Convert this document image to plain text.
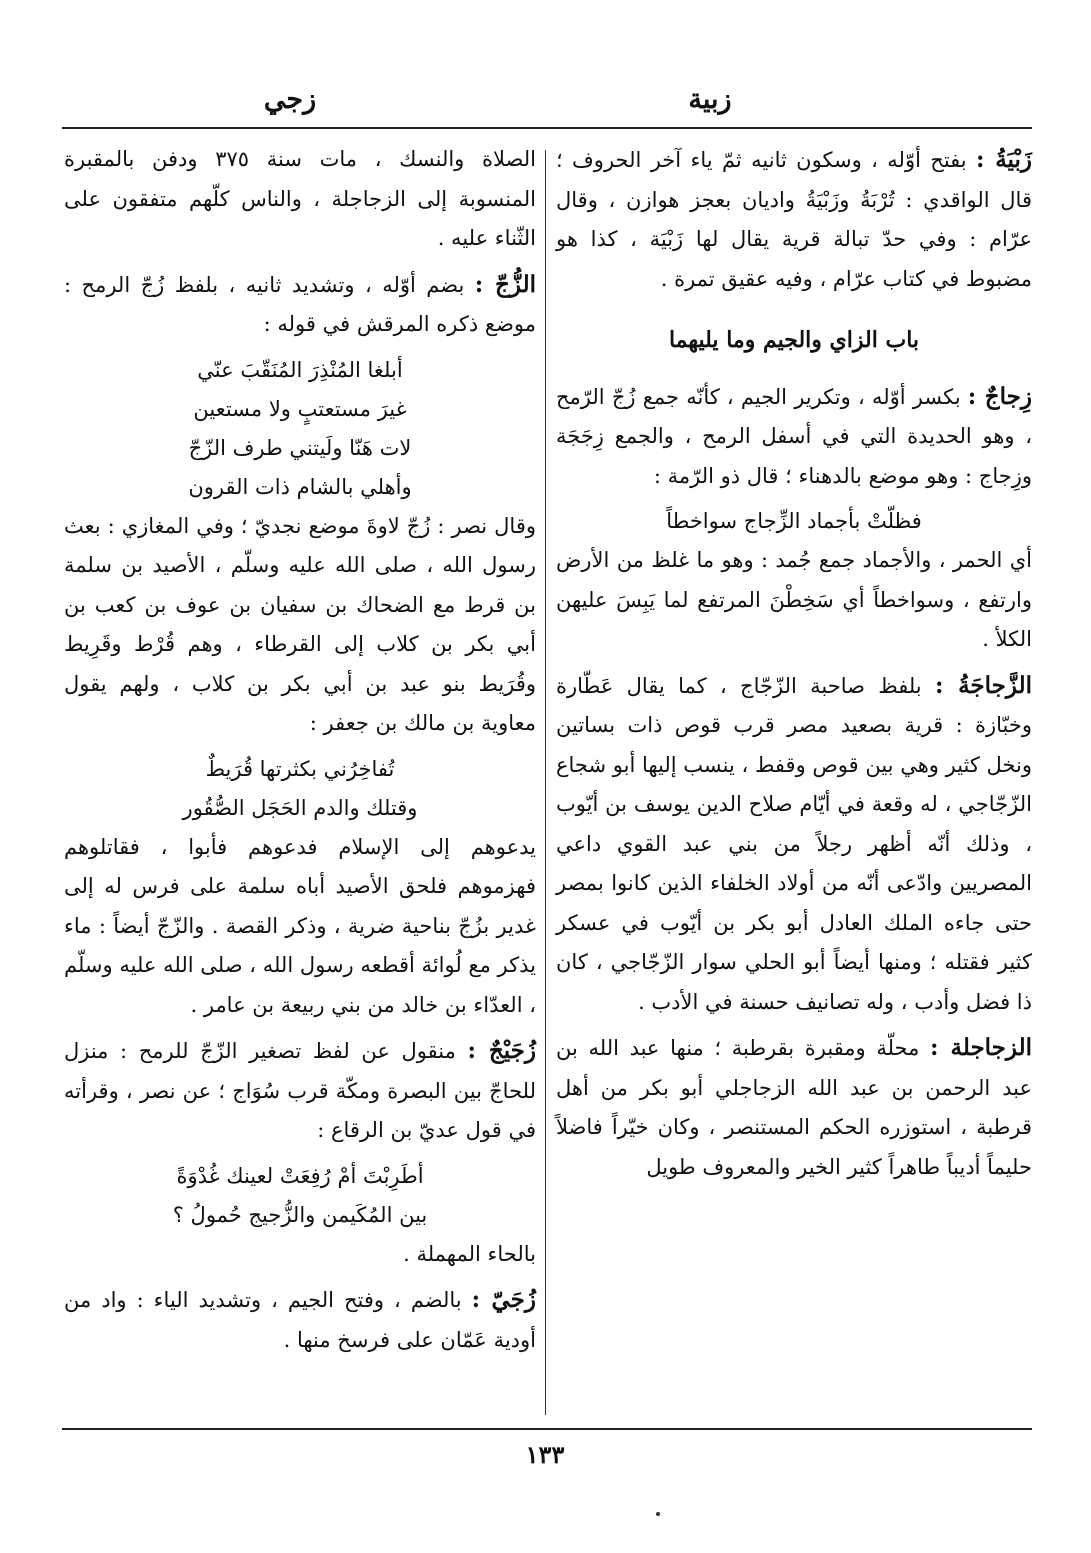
زبية
زجي

زَبْيَةُ : بفتح أوّله ، وسكون ثانيه ثمّ ياء آخر الحروف ؛ قال الواقدي : تُرْبَةُ وزَبْيَةُ واديان بعجز هوازن ، وقال عرّام : وفي حدّ تبالة قرية يقال لها زَبْيَة ، كذا هو مضبوط في كتاب عرّام ، وفيه عقيق تمرة .

باب الزاي والجيم وما يليهما

زِجاجٌ : بكسر أوّله ، وتكرير الجيم ، كأنّه جمع زُجّ الرّمح ، وهو الحديدة التي في أسفل الرمح ، والجمع زِجَجَة وزِجاج : وهو موضع بالدهناء ؛ قال ذو الرّمة :

فظلّتْ بأجماد الزِّجاج سواخطاً

أي الحمر ، والأجماد جمع جُمد : وهو ما غلظ من الأرض وارتفع ، وسواخطاً أي سَخِطْنَ المرتفع لما يَبِسَ عليهن الكلأ .

الزَّجاجَةُ : بلفظ صاحبة الزّجّاج ، كما يقال عَطّارة وخبّازة : قرية بصعيد مصر قرب قوص ذات بساتين ونخل كثير وهي بين قوص وقفط ، ينسب إليها أبو شجاع الزّجّاجي ، له وقعة في أيّام صلاح الدين يوسف بن أيّوب ، وذلك أنّه أظهر رجلاً من بني عبد القوي داعي المصريين وادّعى أنّه من أولاد الخلفاء الذين كانوا بمصر حتى جاءه الملك العادل أبو بكر بن أيّوب في عسكر كثير فقتله ؛ ومنها أيضاً أبو الحلي سوار الزّجّاجي ، كان ذا فضل وأدب ، وله تصانيف حسنة في الأدب .

الزجاجلة : محلّة ومقبرة بقرطبة ؛ منها عبد الله بن عبد الرحمن بن عبد الله الزجاجلي أبو بكر من أهل قرطبة ، استوزره الحكم المستنصر ، وكان خيّراً فاضلاً حليماً أديباً طاهراً كثير الخير والمعروف طويل

الصلاة والنسك ، مات سنة ٣٧٥ ودفن بالمقبرة المنسوبة إلى الزجاجلة ، والناس كلّهم متفقون على الثّناء عليه .

الزُّجّ : بضم أوّله ، وتشديد ثانيه ، بلفظ زُجّ الرمح : موضع ذكره المرقش في قوله :

أبلغا المُنْذِرَ المُنَقّبَ عنّي

غيرَ مستعتبٍ ولا مستعين

لات هَنّا ولَيتني طرف الزّجّ

وأهلي بالشام ذات القرون

وقال نصر : زُجّ لاوةَ موضع نجديّ ؛ وفي المغازي : بعث رسول الله ، صلى الله عليه وسلّم ، الأصيد بن سلمة بن قرط مع الضحاك بن سفيان بن عوف بن كعب بن أبي بكر بن كلاب إلى القرطاء ، وهم قُرْط وقَرِيط وقُرَيط بنو عبد بن أبي بكر بن كلاب ، ولهم يقول معاوية بن مالك بن جعفر :

تُفاخِرُني بكثرتها قُرَيطٌ

وقتلك والدم الحَجَل الصُّقُور

يدعوهم إلى الإسلام فدعوهم فأبوا ، فقاتلوهم فهزموهم فلحق الأصيد أباه سلمة على فرس له إلى غدير بزُجّ بناحية ضرية ، وذكر القصة . والزّجّ أيضاً : ماء يذكر مع لُوائة أقطعه رسول الله ، صلى الله عليه وسلّم ، العدّاء بن خالد من بني ربيعة بن عامر .

زُجَيْجٌ : منقول عن لفظ تصغير الزّجّ للرمح : منزل للحاجّ بين البصرة ومكّة قرب سُوَاج ؛ عن نصر ، وقرأته في قول عديّ بن الرقاع :

أطَرِبْتَ أمْ رُفِعَتْ لعينك غُدْوَةً

بين المُكَيمن والزُّجيج حُمولُ ؟

بالحاء المهملة .

زُجَيّ : بالضم ، وفتح الجيم ، وتشديد الياء : واد من أودية عَمّان على فرسخ منها .

١٣٣
